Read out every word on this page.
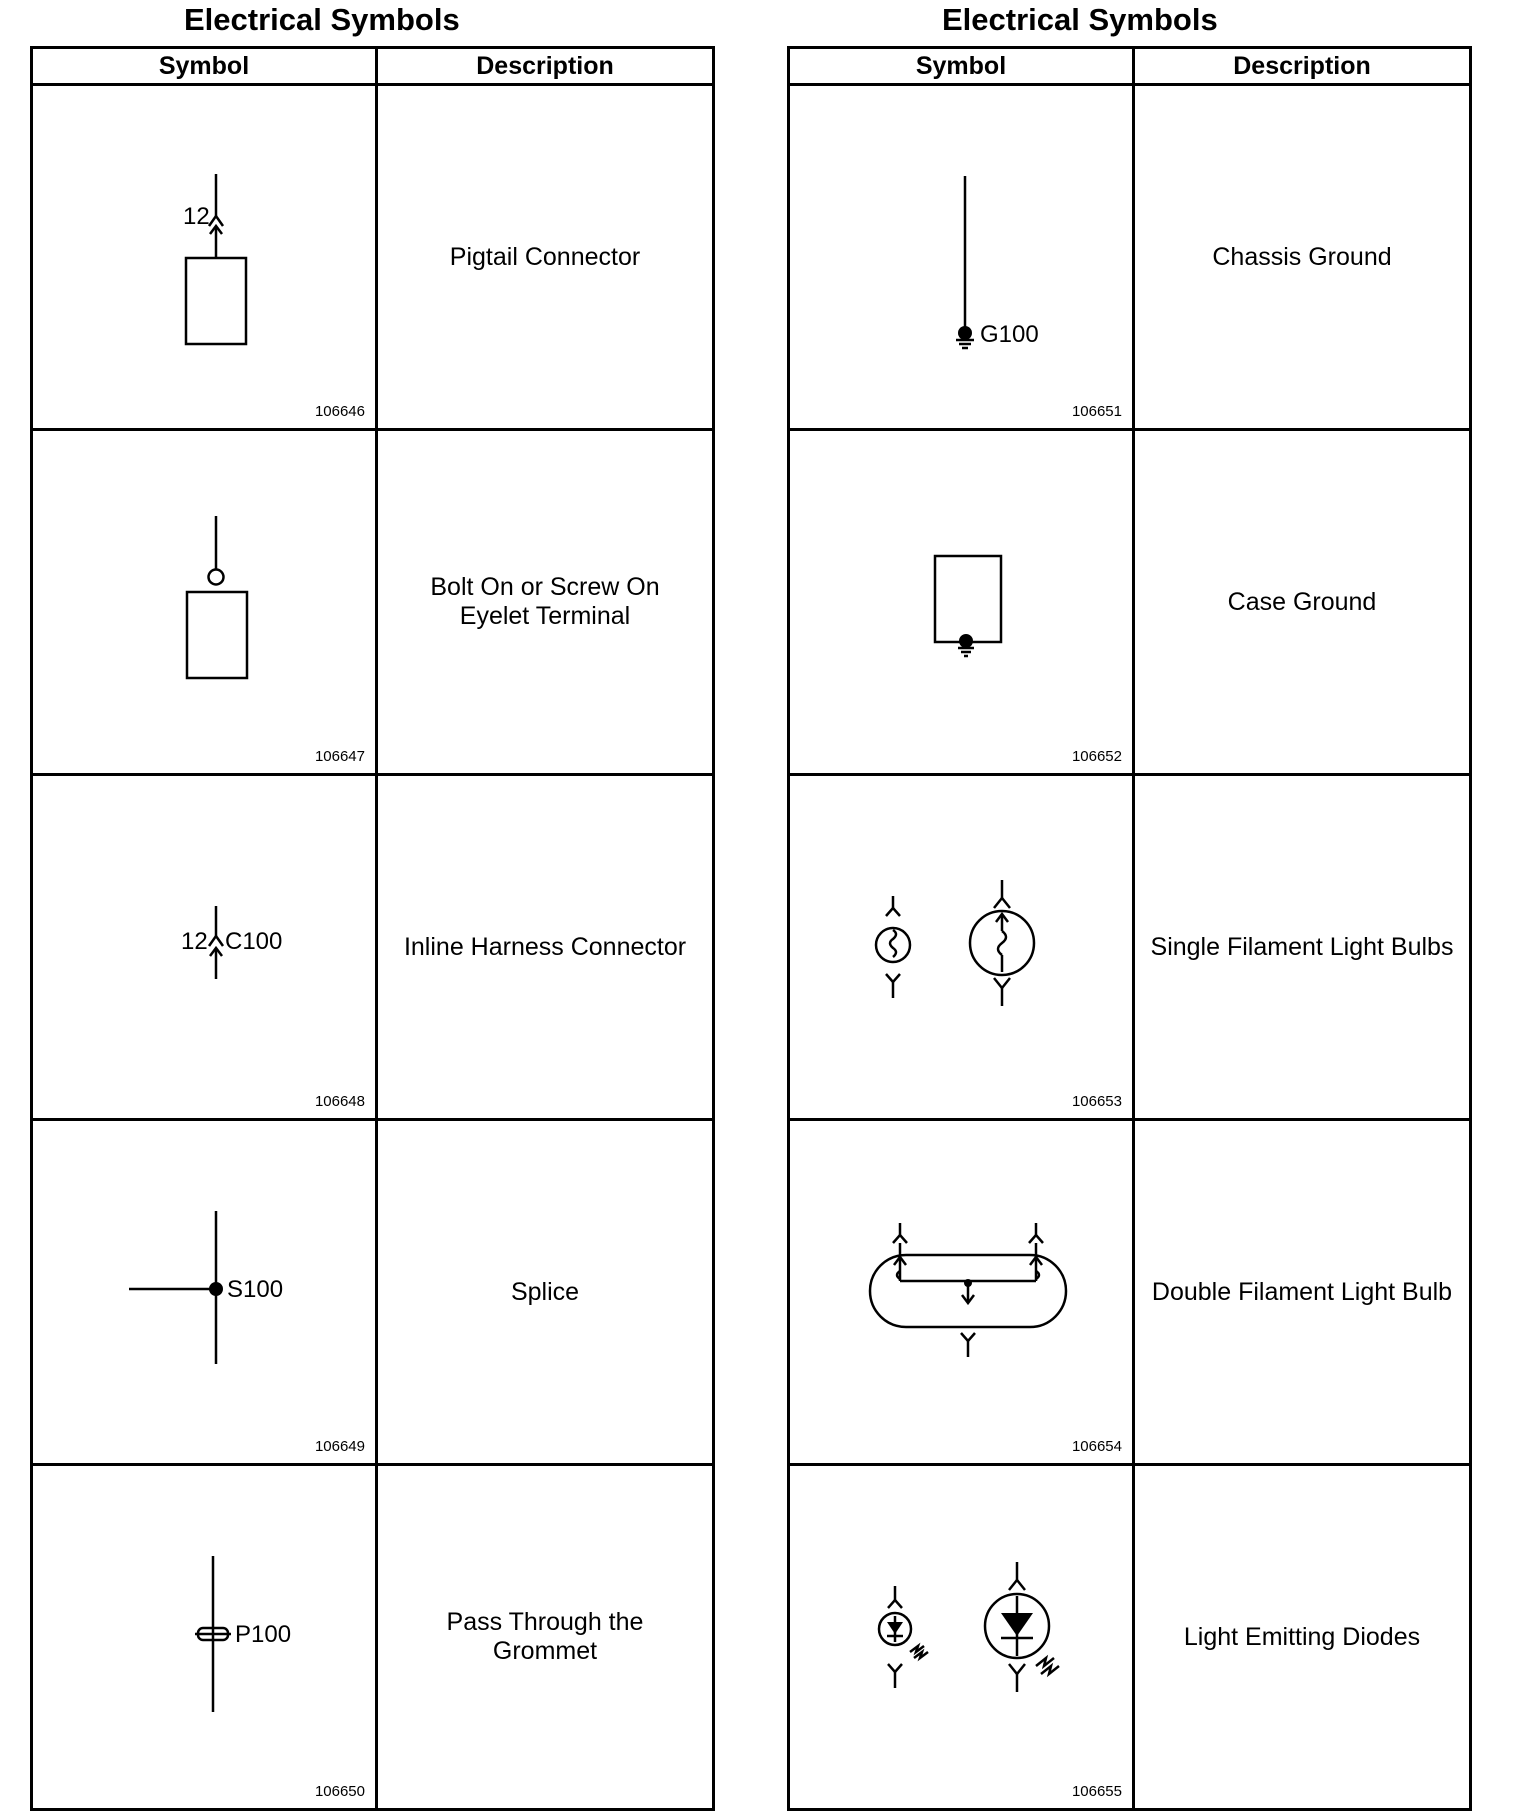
Electrical Symbols
Symbol	Description

12
106646	Pigtail Connector

106647	Bolt On or Screw On
Eyelet Terminal

12 C100
106648	Inline Harness Connector

S100
106649	Splice

P100
106650	Pass Through the
Grommet
Electrical Symbols
Symbol	Description

G100
106651	Chassis Ground

106652	Case Ground

106653	Single Filament Light Bulbs

106654	Double Filament Light Bulb

106655	Light Emitting Diodes
